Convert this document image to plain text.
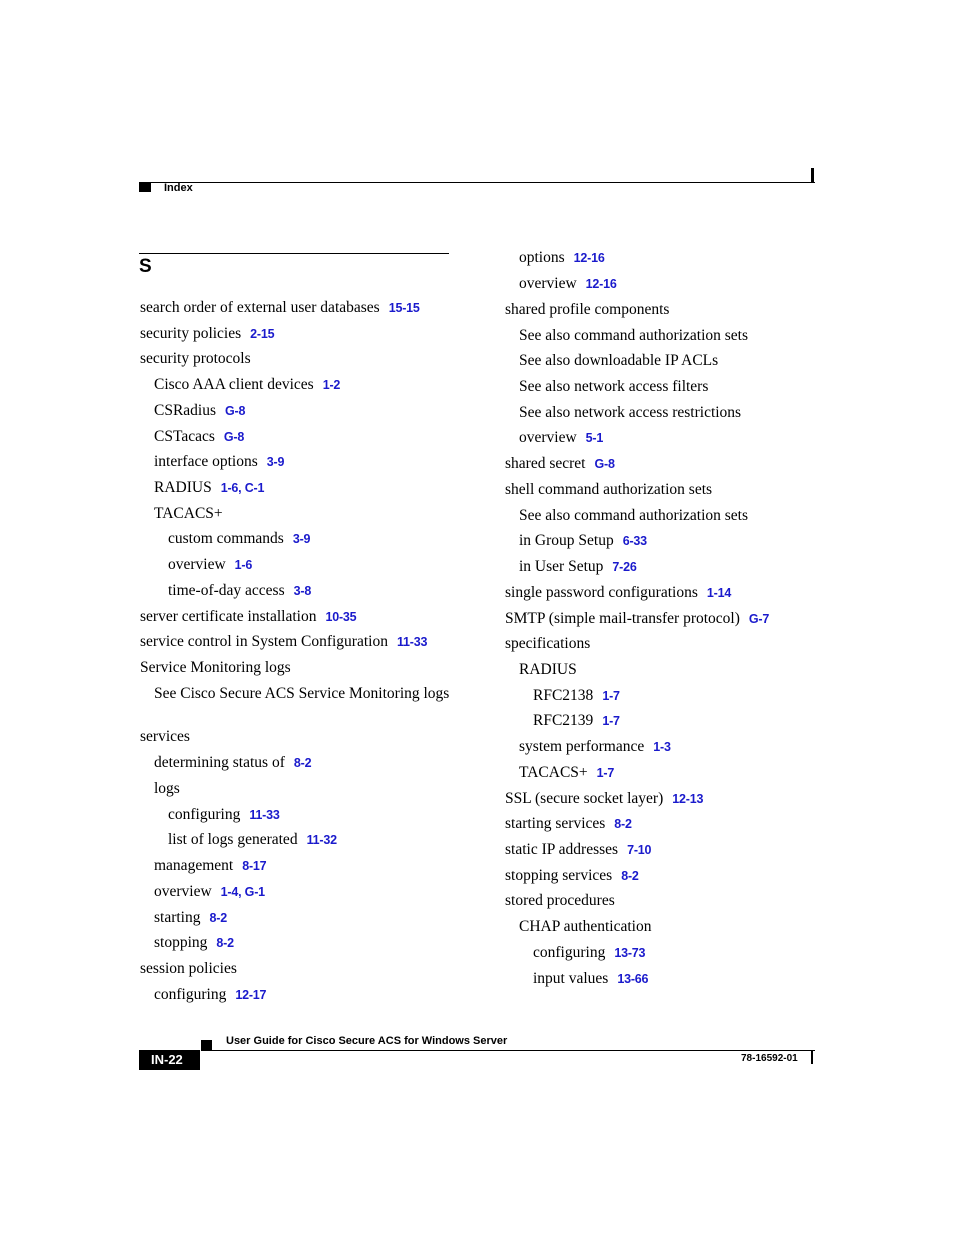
Index
S
search order of external user databases 15-15
security policies 2-15
security protocols
Cisco AAA client devices 1-2
CSRadius G-8
CSTacacs G-8
interface options 3-9
RADIUS 1-6, C-1
TACACS+
custom commands 3-9
overview 1-6
time-of-day access 3-8
server certificate installation 10-35
service control in System Configuration 11-33
Service Monitoring logs
See Cisco Secure ACS Service Monitoring logs
services
determining status of 8-2
logs
configuring 11-33
list of logs generated 11-32
management 8-17
overview 1-4, G-1
starting 8-2
stopping 8-2
session policies
configuring 12-17
options 12-16
overview 12-16
shared profile components
See also command authorization sets
See also downloadable IP ACLs
See also network access filters
See also network access restrictions
overview 5-1
shared secret G-8
shell command authorization sets
See also command authorization sets
in Group Setup 6-33
in User Setup 7-26
single password configurations 1-14
SMTP (simple mail-transfer protocol) G-7
specifications
RADIUS
RFC2138 1-7
RFC2139 1-7
system performance 1-3
TACACS+ 1-7
SSL (secure socket layer) 12-13
starting services 8-2
static IP addresses 7-10
stopping services 8-2
stored procedures
CHAP authentication
configuring 13-73
input values 13-66
User Guide for Cisco Secure ACS for Windows Server
IN-22	78-16592-01
